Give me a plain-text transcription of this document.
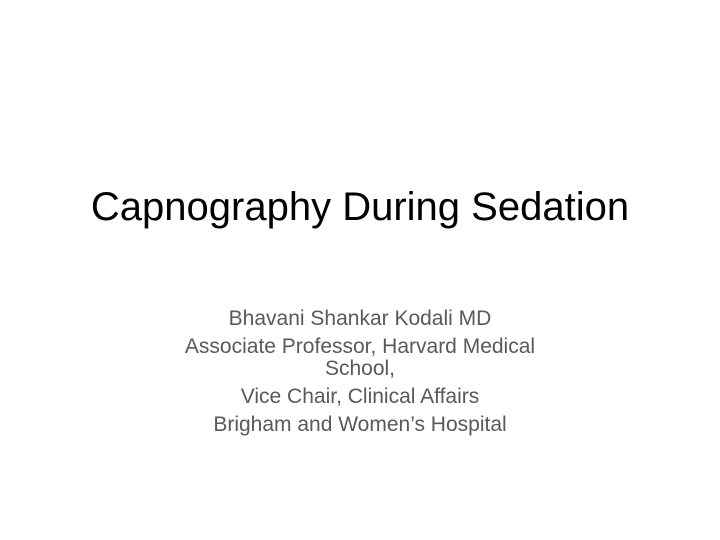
Capnography During Sedation
Bhavani Shankar Kodali MD
Associate Professor, Harvard Medical
School,
Vice Chair, Clinical Affairs
Brigham and Women’s Hospital
